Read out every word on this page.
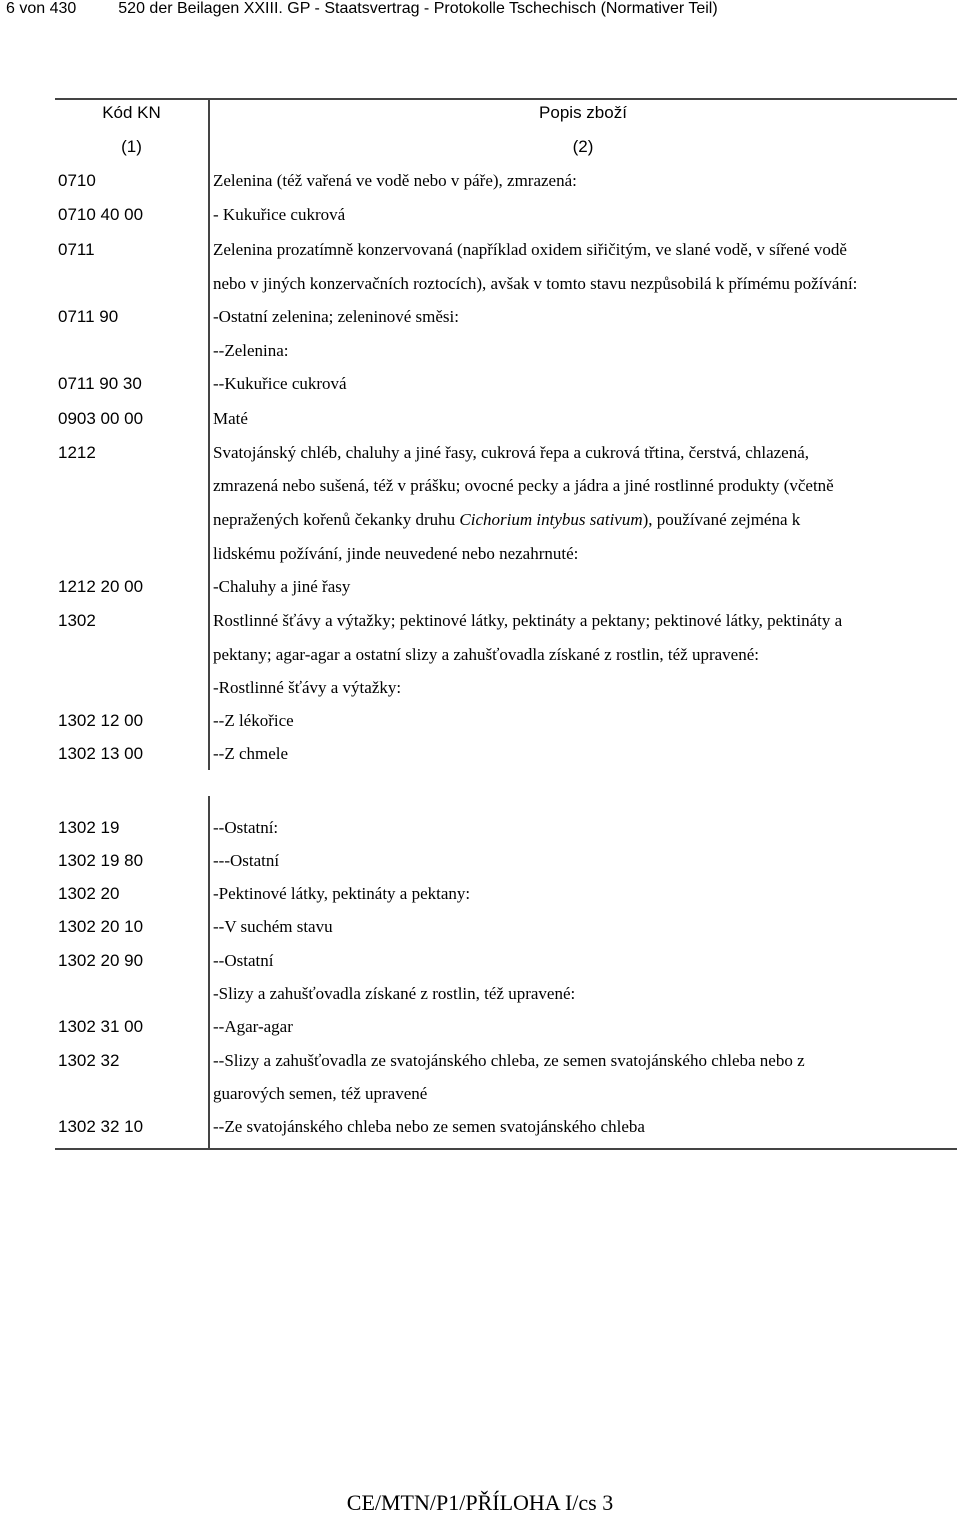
6 von 430	520 der Beilagen XXIII. GP - Staatsvertrag - Protokolle Tschechisch (Normativer Teil)
Kód KN	Popis zboží
(1)	(2)
0710	Zelenina (též vařená ve vodě nebo v páře), zmrazená:
0710 40 00	- Kukuřice cukrová
0711	Zelenina prozatímně konzervovaná (například oxidem siřičitým, ve slané vodě, v sířené vodě
nebo v jiných konzervačních roztocích), avšak v tomto stavu nezpůsobilá k přímému požívání:
0711 90	-Ostatní zelenina; zeleninové směsi:
--Zelenina:
0711 90 30	--Kukuřice cukrová
0903 00 00	Maté
1212	Svatojánský chléb, chaluhy a jiné řasy, cukrová řepa a cukrová třtina, čerstvá, chlazená,
zmrazená nebo sušená, též v prášku; ovocné pecky a jádra a jiné rostlinné produkty (včetně
nepražených kořenů čekanky druhu Cichorium intybus sativum), používané zejména k
lidskému požívání, jinde neuvedené nebo nezahrnuté:
1212 20 00	-Chaluhy a jiné řasy
1302	Rostlinné šťávy a výtažky; pektinové látky, pektináty a pektany; pektinové látky, pektináty a
pektany; agar-agar a ostatní slizy a zahušťovadla získané z rostlin, též upravené:
-Rostlinné šťávy a výtažky:
1302 12 00	--Z lékořice
1302 13 00	--Z chmele
1302 19	--Ostatní:
1302 19 80	---Ostatní
1302 20	-Pektinové látky, pektináty a pektany:
1302 20 10	--V suchém stavu
1302 20 90	--Ostatní
-Slizy a zahušťovadla získané z rostlin, též upravené:
1302 31 00	--Agar-agar
1302 32	--Slizy a zahušťovadla ze svatojánského chleba, ze semen svatojánského chleba nebo z
guarových semen, též upravené
1302 32 10	--Ze svatojánského chleba nebo ze semen svatojánského chleba
CE/MTN/P1/PŘÍLOHA I/cs 3
